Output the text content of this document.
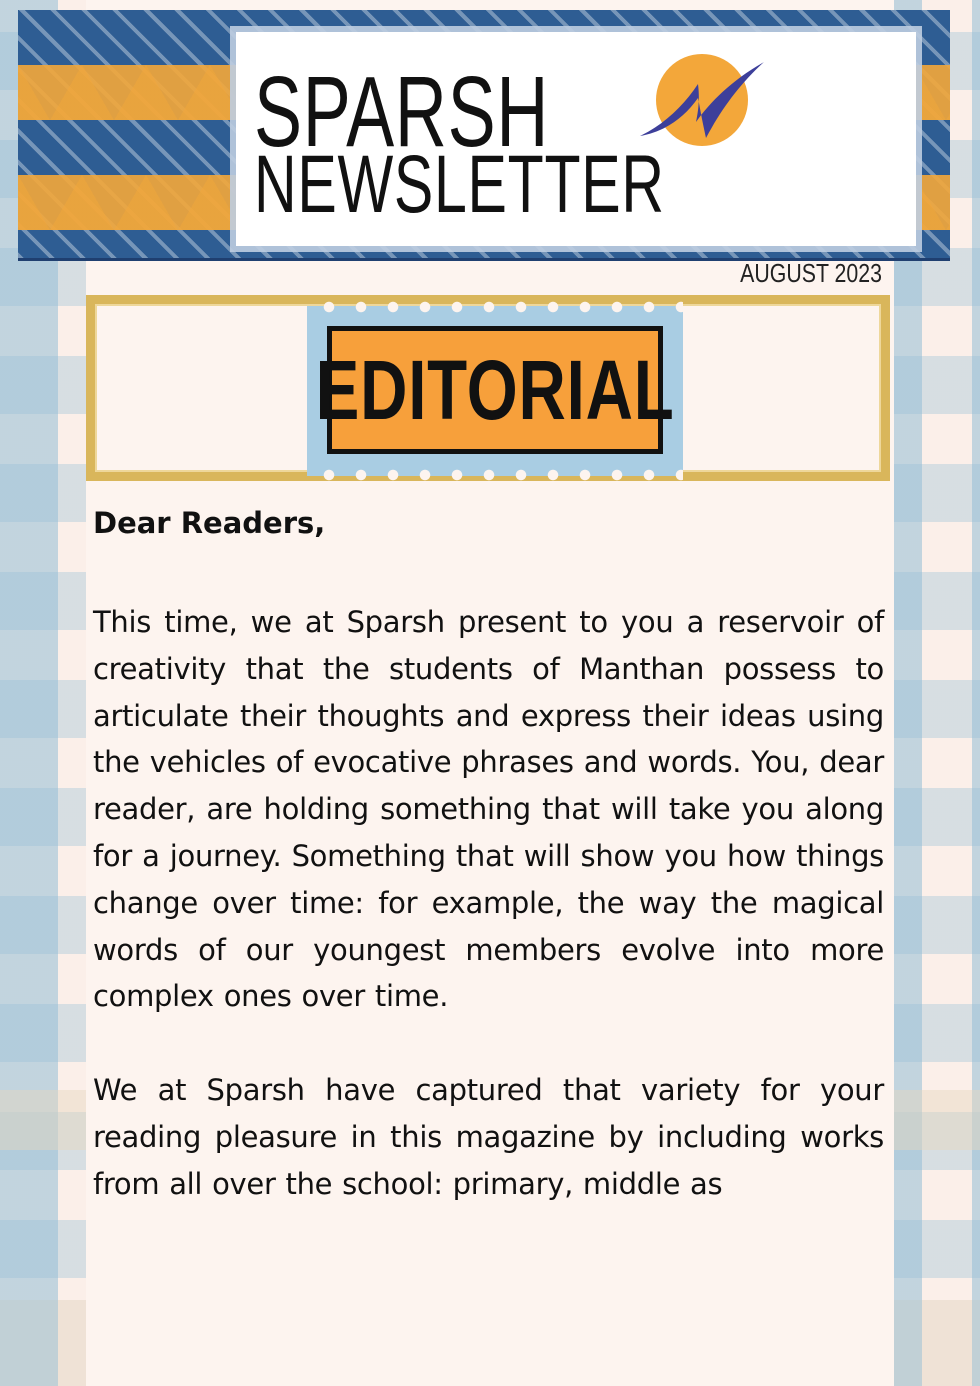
SPARSH
NEWSLETTER
AUGUST 2023
EDITORIAL

Dear Readers,

This time, we at Sparsh present to you a reservoir of creativity that the students of Manthan possess to articulate their thoughts and express their ideas using the vehicles of evocative phrases and words. You, dear reader, are holding something that will take you along for a journey. Something that will show you how things change over time: for example, the way the magical words of our youngest members evolve into more complex ones over time.

We at Sparsh have captured that variety for your reading pleasure in this magazine by including works from all over the school: primary, middle as
